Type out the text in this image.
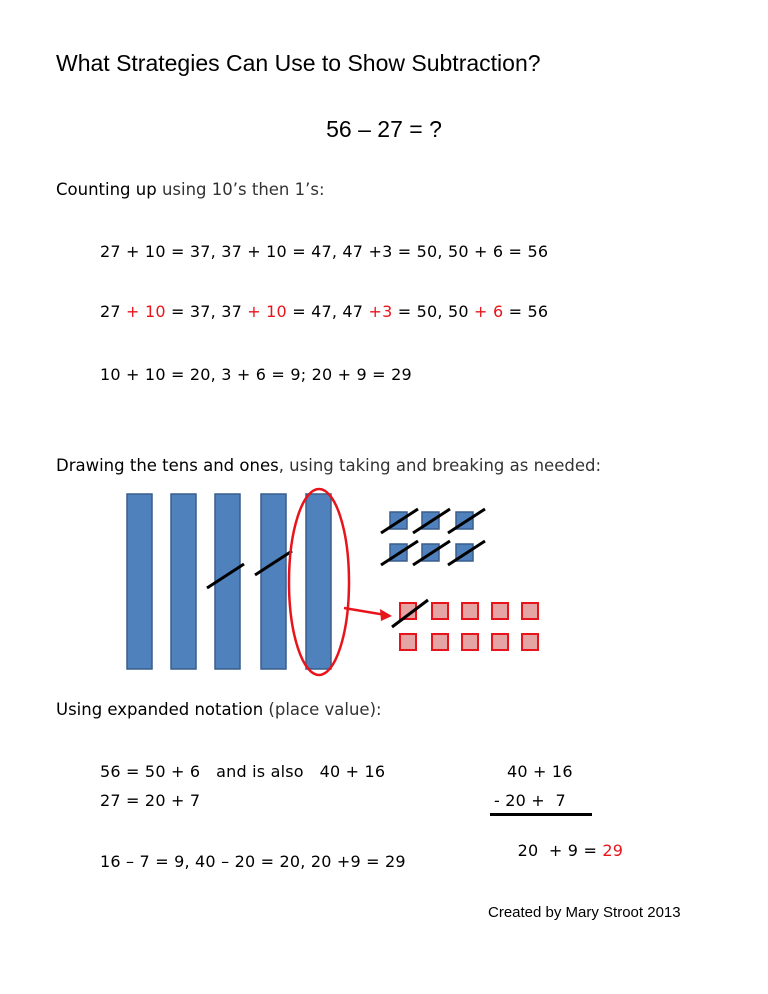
What Strategies Can Use to Show Subtraction?
56 – 27 = ?
Counting up using 10’s then 1’s:
27 + 10 = 37, 37 + 10 = 47, 47 +3 = 50, 50 + 6 = 56
27 + 10 = 37, 37 + 10 = 47, 47 +3 = 50, 50 + 6 = 56
10 + 10 = 20, 3 + 6 = 9; 20 + 9 = 29
Drawing the tens and ones, using taking and breaking as needed:
Using expanded notation (place value):
56 = 50 + 6   and is also   40 + 16
27 = 20 + 7
16 – 7 = 9, 40 – 20 = 20, 20 +9 = 29
40 + 16
- 20 +  7

20  + 9 = 29

Created by Mary Stroot 2013
